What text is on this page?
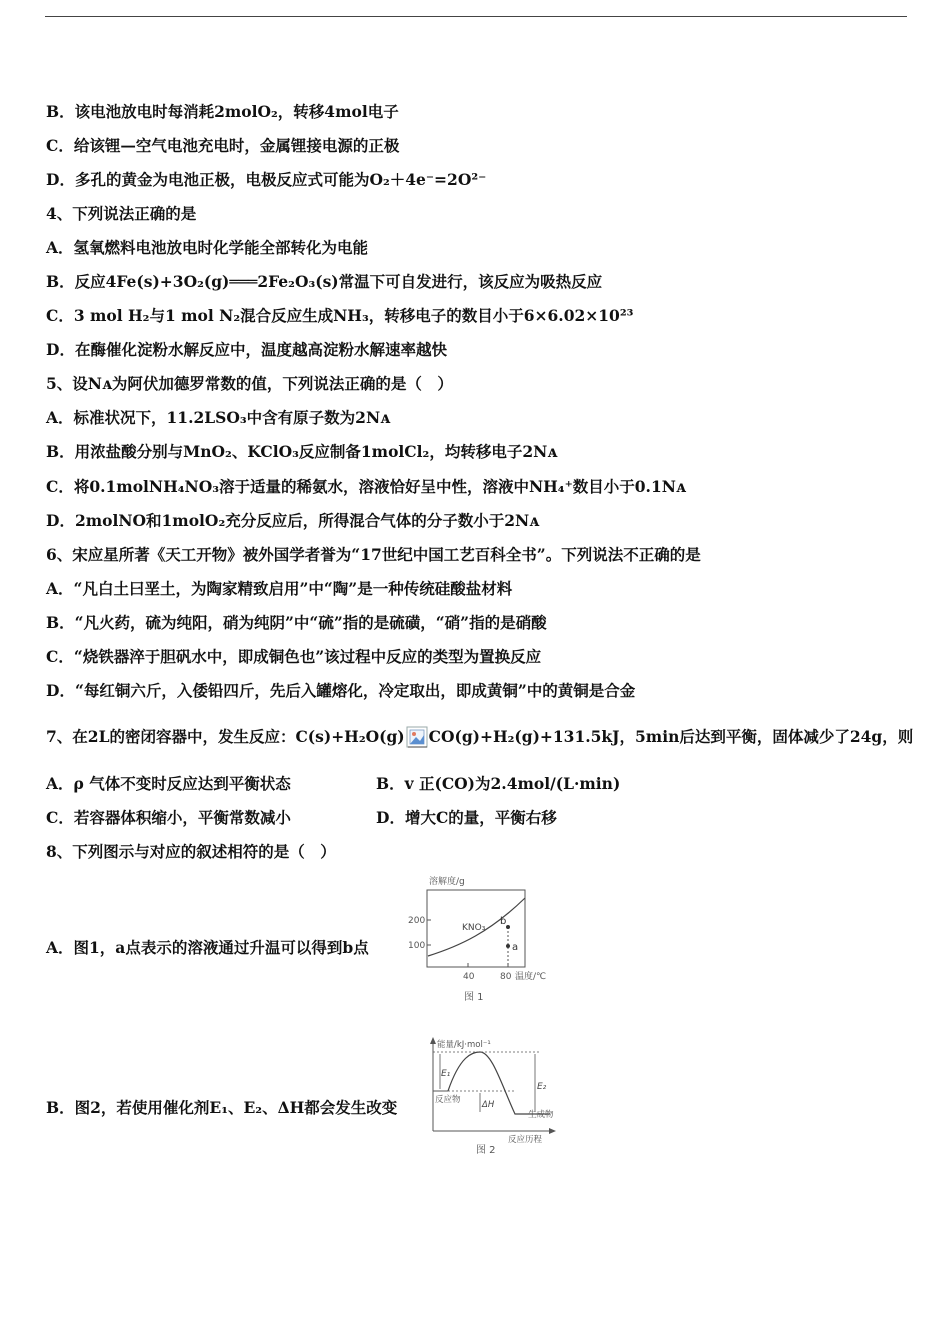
B．该电池放电时每消耗2molO₂，转移4mol电子
C．给该锂—空气电池充电时，金属锂接电源的正极
D．多孔的黄金为电池正极，电极反应式可能为O₂＋4e⁻=2O²⁻
4、下列说法正确的是
A．氢氧燃料电池放电时化学能全部转化为电能
B．反应4Fe(s)+3O₂(g)═══2Fe₂O₃(s)常温下可自发进行，该反应为吸热反应
C．3 mol H₂与1 mol N₂混合反应生成NH₃，转移电子的数目小于6×6.02×10²³
D．在酶催化淀粉水解反应中，温度越高淀粉水解速率越快
5、设Nᴀ为阿伏加德罗常数的值，下列说法正确的是（　）
A．标准状况下，11.2LSO₃中含有原子数为2Nᴀ
B．用浓盐酸分别与MnO₂、KClO₃反应制备1molCl₂，均转移电子2Nᴀ
C．将0.1molNH₄NO₃溶于适量的稀氨水，溶液恰好呈中性，溶液中NH₄⁺数目小于0.1Nᴀ
D．2molNO和1molO₂充分反应后，所得混合气体的分子数小于2Nᴀ
6、宋应星所著《天工开物》被外国学者誉为“17世纪中国工艺百科全书”。下列说法不正确的是
A．“凡白土曰垩土，为陶家精致启用”中“陶”是一种传统硅酸盐材料
B．“凡火药，硫为纯阳，硝为纯阴”中“硫”指的是硫磺，“硝”指的是硝酸
C．“烧铁器淬于胆矾水中，即成铜色也”该过程中反应的类型为置换反应
D．“每红铜六斤，入倭铅四斤，先后入罐熔化，冷定取出，即成黄铜”中的黄铜是合金
7、在2L的密闭容器中，发生反应：C(s)+H₂O(g) CO(g)+H₂(g)+131.5kJ，5min后达到平衡，固体减少了24g，则
A．ρ 气体不变时反应达到平衡状态	B．v 正(CO)为2.4mol/(L·min)
C．若容器体积缩小，平衡常数减小	D．增大C的量，平衡右移
8、下列图示与对应的叙述相符的是（　）
A．图1，a点表示的溶液通过升温可以得到b点
溶解度/g
200
100
40	80 温度/℃
KNO₃
b
a
图 1
B．图2，若使用催化剂E₁、E₂、ΔH都会发生改变
能量/kJ·mol⁻¹
E₁
E₂
反应物	ΔH
生成物
反应历程
图 2
